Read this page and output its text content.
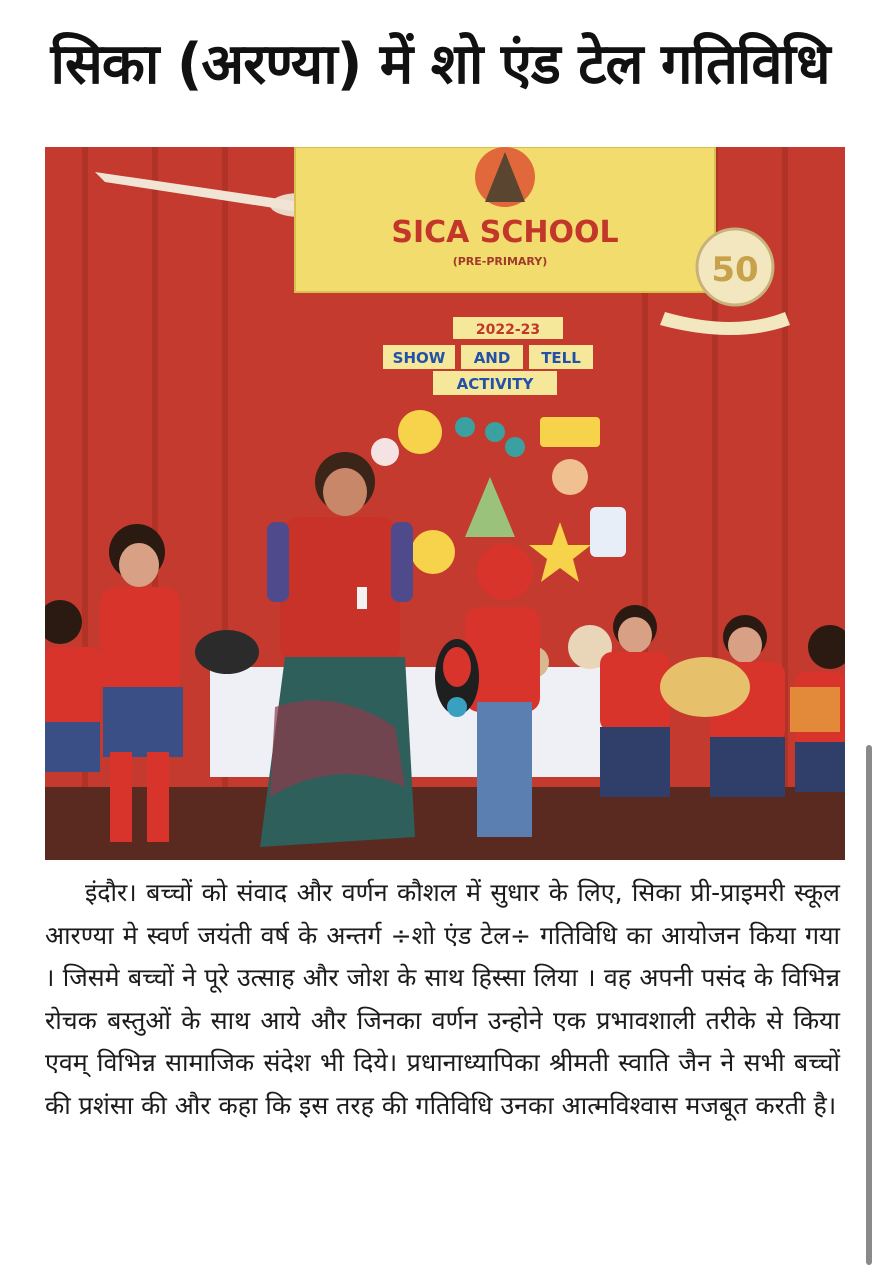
सिका (अरण्या) में शो एंड टेल गतिविधि
SICA SCHOOL
(PRE-PRIMARY)	50
2022-23
SHOW AND TELL
ACTIVITY

इंदौर। बच्चों को संवाद और वर्णन कौशल में सुधार के लिए, सिका प्री-प्राइमरी स्कूल आरण्या मे स्वर्ण जयंती वर्ष के अन्तर्ग ÷शो एंड टेल÷ गतिविधि का आयोजन किया गया । जिसमे बच्चों ने पूरे उत्साह और जोश के साथ हिस्सा लिया । वह अपनी पसंद के विभिन्न रोचक बस्तुओं के साथ आये और जिनका वर्णन उन्होने एक प्रभावशाली तरीके से किया एवम् विभिन्न सामाजिक संदेश भी दिये। प्रधानाध्यापिका श्रीमती स्वाति जैन ने सभी बच्चों की प्रशंसा की और कहा कि इस तरह की गतिविधि उनका आत्मविश्वास मजबूत करती है।
